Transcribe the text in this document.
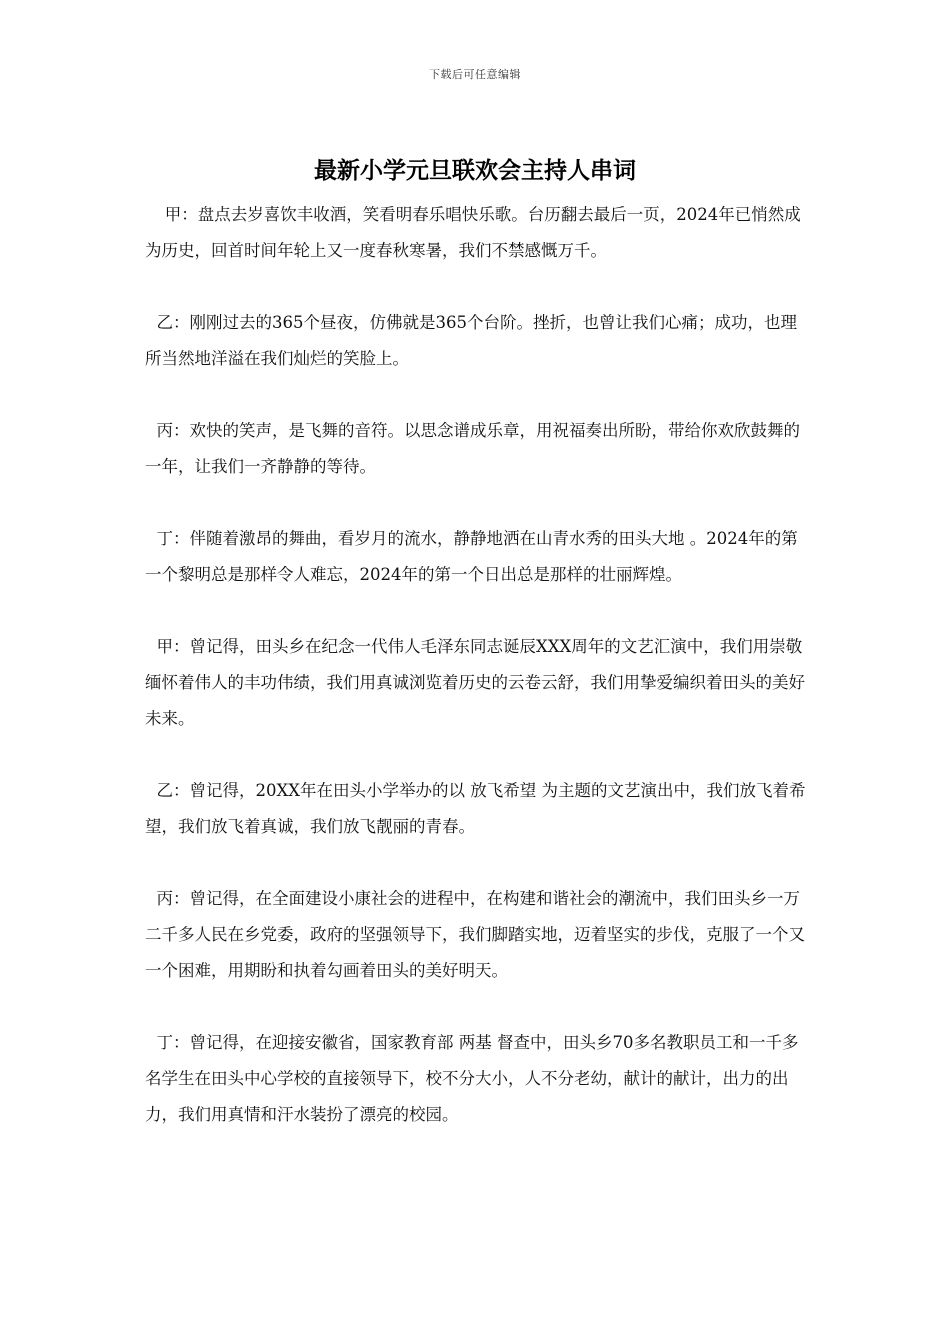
下载后可任意编辑
最新小学元旦联欢会主持人串词

甲：盘点去岁喜饮丰收酒，笑看明春乐唱快乐歌。台历翻去最后一页，2024年已悄然成为历史，回首时间年轮上又一度春秋寒暑，我们不禁感慨万千。

乙：刚刚过去的365个昼夜，仿佛就是365个台阶。挫折，也曾让我们心痛；成功，也理所当然地洋溢在我们灿烂的笑脸上。

丙：欢快的笑声，是飞舞的音符。以思念谱成乐章，用祝福奏出所盼，带给你欢欣鼓舞的一年，让我们一齐静静的等待。

丁：伴随着激昂的舞曲，看岁月的流水，静静地洒在山青水秀的田头大地 。2024年的第一个黎明总是那样令人难忘，2024年的第一个日出总是那样的壮丽辉煌。

甲：曾记得，田头乡在纪念一代伟人毛泽东同志诞辰XXX周年的文艺汇演中，我们用崇敬缅怀着伟人的丰功伟绩，我们用真诚浏览着历史的云卷云舒，我们用挚爱编织着田头的美好未来。

乙：曾记得，20XX年在田头小学举办的以 放飞希望 为主题的文艺演出中，我们放飞着希望，我们放飞着真诚，我们放飞靓丽的青春。

丙：曾记得，在全面建设小康社会的进程中，在构建和谐社会的潮流中，我们田头乡一万二千多人民在乡党委，政府的坚强领导下，我们脚踏实地，迈着坚实的步伐，克服了一个又一个困难，用期盼和执着勾画着田头的美好明天。

丁：曾记得，在迎接安徽省，国家教育部 两基 督查中，田头乡70多名教职员工和一千多名学生在田头中心学校的直接领导下，校不分大小，人不分老幼，献计的献计，出力的出力，我们用真情和汗水装扮了漂亮的校园。
